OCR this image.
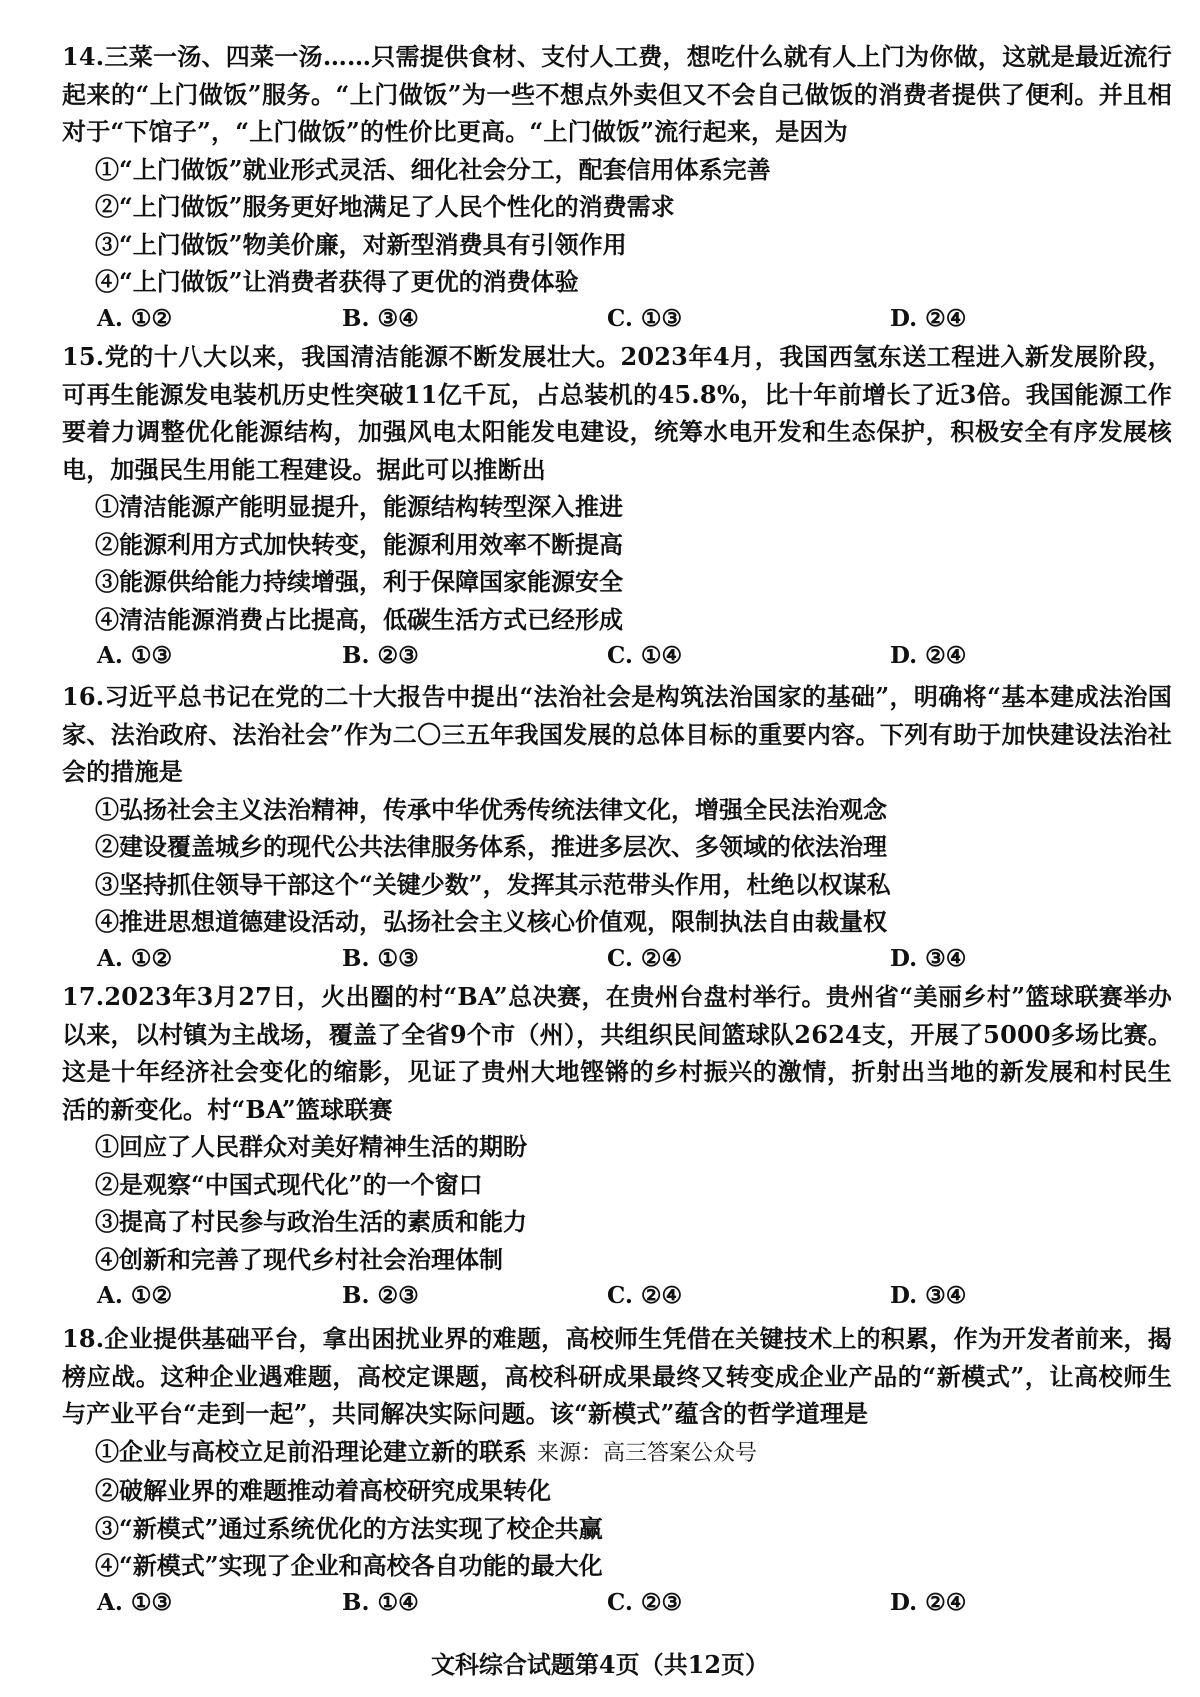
14.三菜一汤、四菜一汤……只需提供食材、支付人工费，想吃什么就有人上门为你做，这就是最近流行起来的“上门做饭”服务。“上门做饭”为一些不想点外卖但又不会自己做饭的消费者提供了便利。并且相对于“下馆子”，“上门做饭”的性价比更高。“上门做饭”流行起来，是因为

①“上门做饭”就业形式灵活、细化社会分工，配套信用体系完善

②“上门做饭”服务更好地满足了人民个性化的消费需求

③“上门做饭”物美价廉，对新型消费具有引领作用

④“上门做饭”让消费者获得了更优的消费体验

A. ①②	B. ③④	C. ①③	D. ②④

15.党的十八大以来，我国清洁能源不断发展壮大。2023年4月，我国西氢东送工程进入新发展阶段，可再生能源发电装机历史性突破11亿千瓦，占总装机的45.8%，比十年前增长了近3倍。我国能源工作要着力调整优化能源结构，加强风电太阳能发电建设，统筹水电开发和生态保护，积极安全有序发展核电，加强民生用能工程建设。据此可以推断出

①清洁能源产能明显提升，能源结构转型深入推进

②能源利用方式加快转变，能源利用效率不断提高

③能源供给能力持续增强，利于保障国家能源安全

④清洁能源消费占比提高，低碳生活方式已经形成

A. ①③	B. ②③	C. ①④	D. ②④

16.习近平总书记在党的二十大报告中提出“法治社会是构筑法治国家的基础”，明确将“基本建成法治国家、法治政府、法治社会”作为二〇三五年我国发展的总体目标的重要内容。下列有助于加快建设法治社会的措施是

①弘扬社会主义法治精神，传承中华优秀传统法律文化，增强全民法治观念

②建设覆盖城乡的现代公共法律服务体系，推进多层次、多领域的依法治理

③坚持抓住领导干部这个“关键少数”，发挥其示范带头作用，杜绝以权谋私

④推进思想道德建设活动，弘扬社会主义核心价值观，限制执法自由裁量权

A. ①②	B. ①③	C. ②④	D. ③④

17.2023年3月27日，火出圈的村“BA”总决赛，在贵州台盘村举行。贵州省“美丽乡村”篮球联赛举办以来，以村镇为主战场，覆盖了全省9个市（州），共组织民间篮球队2624支，开展了5000多场比赛。这是十年经济社会变化的缩影，见证了贵州大地铿锵的乡村振兴的激情，折射出当地的新发展和村民生活的新变化。村“BA”篮球联赛

①回应了人民群众对美好精神生活的期盼

②是观察“中国式现代化”的一个窗口

③提高了村民参与政治生活的素质和能力

④创新和完善了现代乡村社会治理体制

A. ①②	B. ②③	C. ②④	D. ③④

18.企业提供基础平台，拿出困扰业界的难题，高校师生凭借在关键技术上的积累，作为开发者前来，揭榜应战。这种企业遇难题，高校定课题，高校科研成果最终又转变成企业产品的“新模式”，让高校师生与产业平台“走到一起”，共同解决实际问题。该“新模式”蕴含的哲学道理是

①企业与高校立足前沿理论建立新的联系 来源：高三答案公众号

②破解业界的难题推动着高校研究成果转化

③“新模式”通过系统优化的方法实现了校企共赢

④“新模式”实现了企业和高校各自功能的最大化

A. ①③	B. ①④	C. ②③	D. ②④
文科综合试题第4页（共12页）
